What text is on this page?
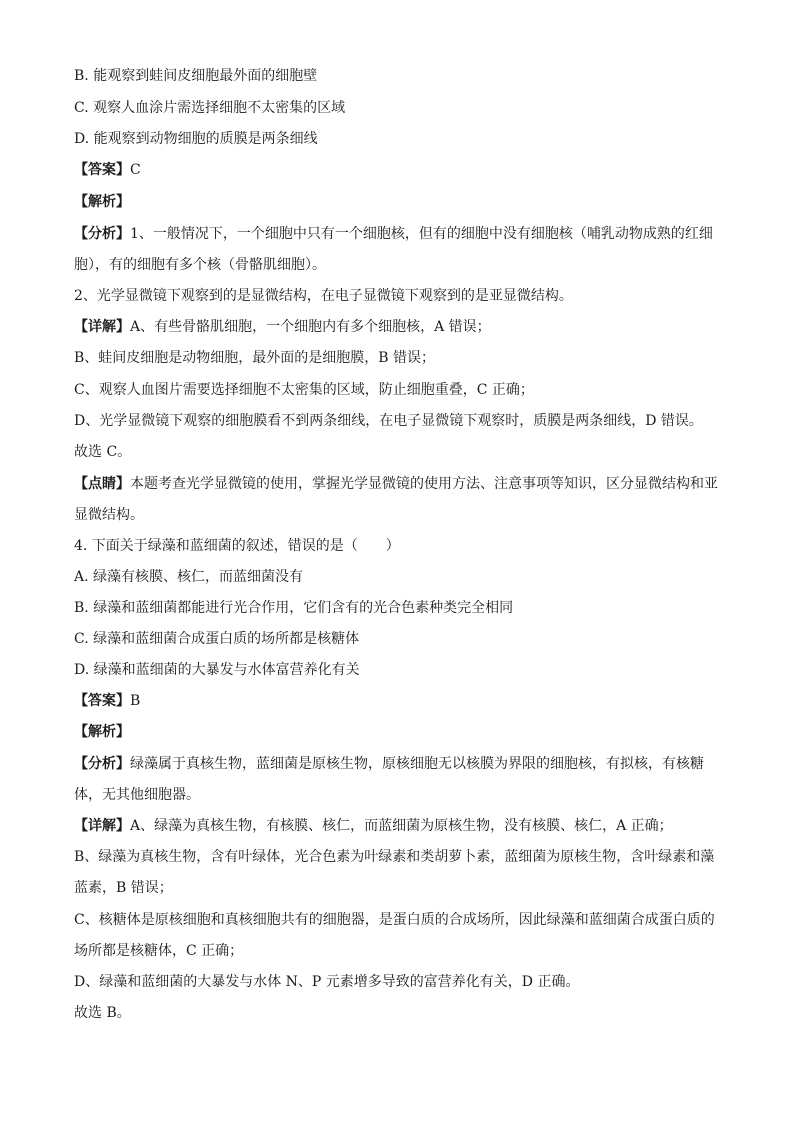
B. 能观察到蛙间皮细胞最外面的细胞壁
C. 观察人血涂片需选择细胞不太密集的区域
D. 能观察到动物细胞的质膜是两条细线
【答案】C
【解析】
【分析】1、一般情况下，一个细胞中只有一个细胞核，但有的细胞中没有细胞核（哺乳动物成熟的红细
胞），有的细胞有多个核（骨骼肌细胞）。
2、光学显微镜下观察到的是显微结构，在电子显微镜下观察到的是亚显微结构。
【详解】A、有些骨骼肌细胞，一个细胞内有多个细胞核，A 错误；
B、蛙间皮细胞是动物细胞，最外面的是细胞膜，B 错误；
C、观察人血图片需要选择细胞不太密集的区域，防止细胞重叠，C 正确；
D、光学显微镜下观察的细胞膜看不到两条细线，在电子显微镜下观察时，质膜是两条细线，D 错误。
故选 C。
【点睛】本题考查光学显微镜的使用，掌握光学显微镜的使用方法、注意事项等知识，区分显微结构和亚
显微结构。
4. 下面关于绿藻和蓝细菌的叙述，错误的是（　　）
A. 绿藻有核膜、核仁，而蓝细菌没有
B. 绿藻和蓝细菌都能进行光合作用，它们含有的光合色素种类完全相同
C. 绿藻和蓝细菌合成蛋白质的场所都是核糖体
D. 绿藻和蓝细菌的大暴发与水体富营养化有关
【答案】B
【解析】
【分析】绿藻属于真核生物，蓝细菌是原核生物，原核细胞无以核膜为界限的细胞核，有拟核，有核糖
体，无其他细胞器。
【详解】A、绿藻为真核生物，有核膜、核仁，而蓝细菌为原核生物，没有核膜、核仁，A 正确；
B、绿藻为真核生物，含有叶绿体，光合色素为叶绿素和类胡萝卜素，蓝细菌为原核生物，含叶绿素和藻
蓝素，B 错误；
C、核糖体是原核细胞和真核细胞共有的细胞器，是蛋白质的合成场所，因此绿藻和蓝细菌合成蛋白质的
场所都是核糖体，C 正确；
D、绿藻和蓝细菌的大暴发与水体 N、P 元素增多导致的富营养化有关，D 正确。
故选 B。
